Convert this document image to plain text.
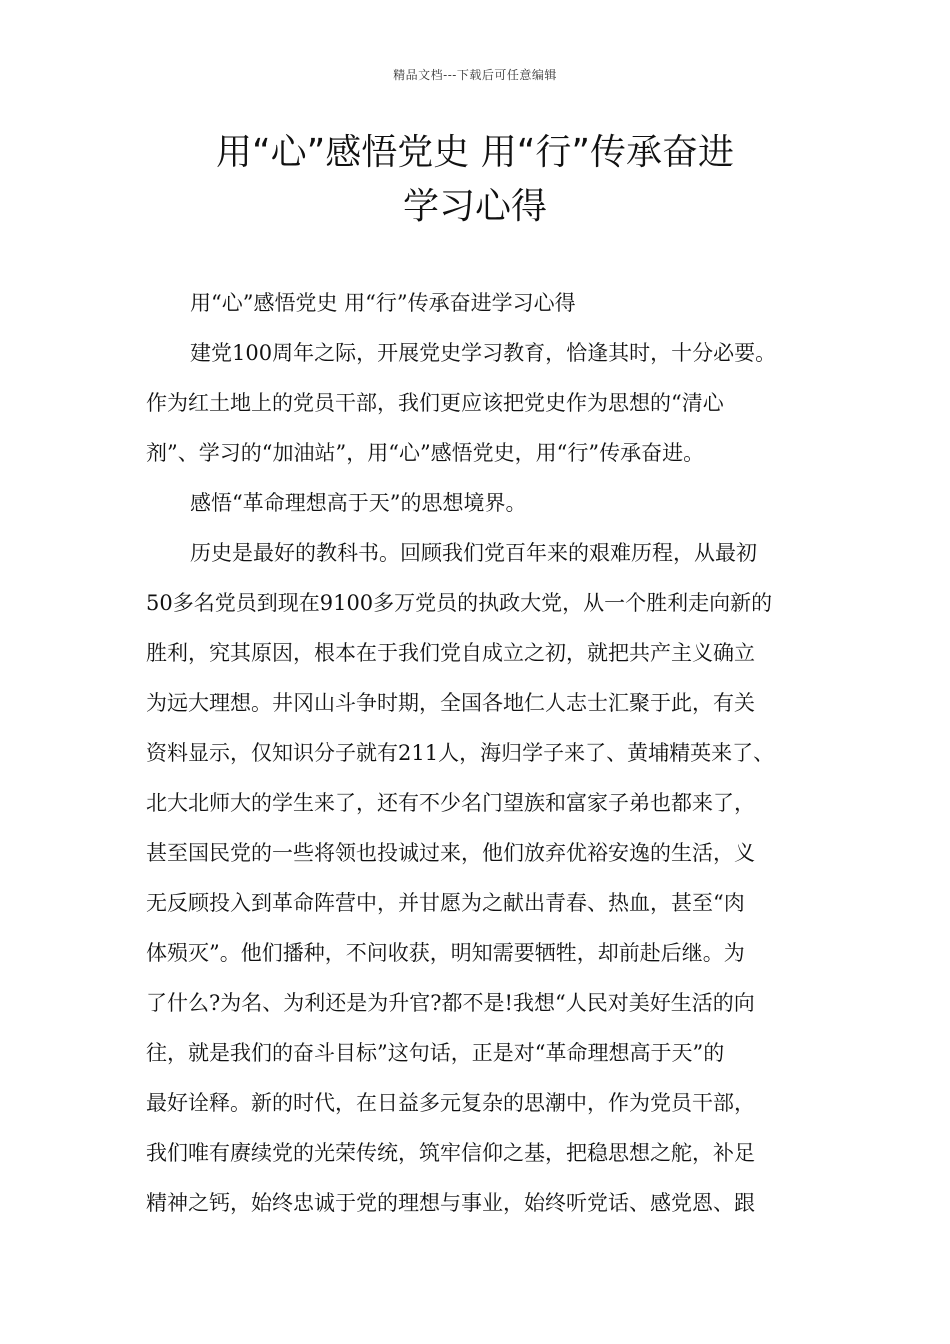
精品文档---下载后可任意编辑
用“心”感悟党史 用“行”传承奋进
学习心得
用“心”感悟党史 用“行”传承奋进学习心得
建党100周年之际，开展党史学习教育，恰逢其时，十分必要。
作为红土地上的党员干部，我们更应该把党史作为思想的“清心
剂”、学习的“加油站”，用“心”感悟党史，用“行”传承奋进。
感悟“革命理想高于天”的思想境界。
历史是最好的教科书。回顾我们党百年来的艰难历程，从最初
50多名党员到现在9100多万党员的执政大党，从一个胜利走向新的
胜利，究其原因，根本在于我们党自成立之初，就把共产主义确立
为远大理想。井冈山斗争时期，全国各地仁人志士汇聚于此，有关
资料显示，仅知识分子就有211人，海归学子来了、黄埔精英来了、
北大北师大的学生来了，还有不少名门望族和富家子弟也都来了，
甚至国民党的一些将领也投诚过来，他们放弃优裕安逸的生活，义
无反顾投入到革命阵营中，并甘愿为之献出青春、热血，甚至“肉
体殒灭”。他们播种，不问收获，明知需要牺牲，却前赴后继。为
了什么?为名、为利还是为升官?都不是!我想“人民对美好生活的向
往，就是我们的奋斗目标”这句话，正是对“革命理想高于天”的
最好诠释。新的时代，在日益多元复杂的思潮中，作为党员干部，
我们唯有赓续党的光荣传统，筑牢信仰之基，把稳思想之舵，补足
精神之钙，始终忠诚于党的理想与事业，始终听党话、感党恩、跟
